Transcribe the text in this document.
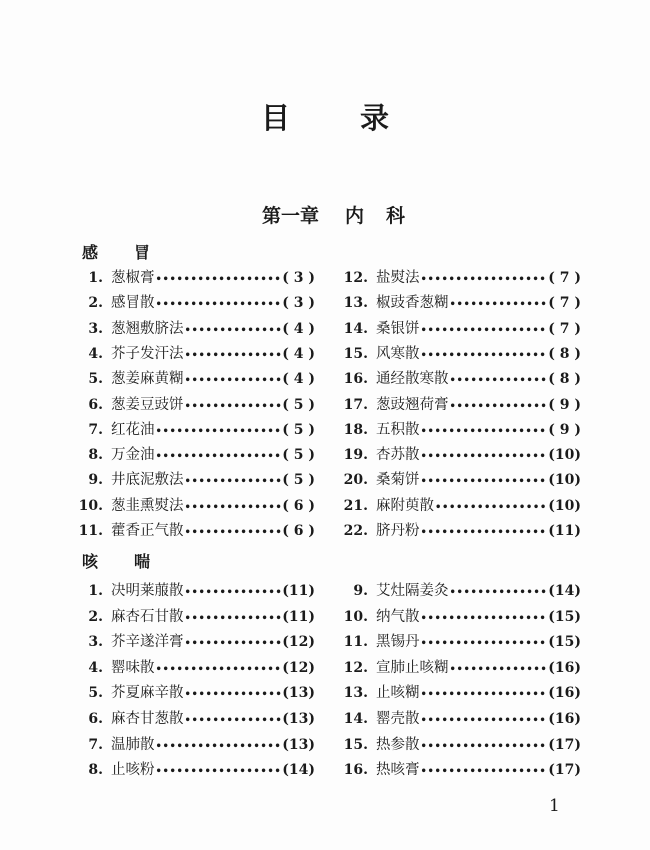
目 录
第一章 内 科
感 冒
咳 喘
1. 葱椒膏 •••••	( 3 )
2. 感冒散 •••••	( 3 )
3. 葱翘敷脐法 •••••	( 4 )
4. 芥子发汗法 •••••	( 4 )
5. 葱姜麻黄糊 •••••	( 4 )
6. 葱姜豆豉饼 •••••	( 5 )
7. 红花油 •••••	( 5 )
8. 万金油 •••••	( 5 )
9. 井底泥敷法 •••••	( 5 )
10. 葱韭熏熨法 •••••	( 6 )
11. 藿香正气散 •••••	( 6 )
12. 盐熨法 •••••	( 7 )
13. 椒豉香葱糊 •••••	( 7 )
14. 桑银饼 •••••	( 7 )
15. 风寒散 •••••	( 8 )
16. 通经散寒散 •••••	( 8 )
17. 葱豉翘荷膏 •••••	( 9 )
18. 五积散 •••••	( 9 )
19. 杏苏散 •••••	(10)
20. 桑菊饼 •••••	(10)
21. 麻附萸散 •••••	(10)
22. 脐丹粉 •••••	(11)
1. 决明莱菔散 •••••	(11)
2. 麻杏石甘散 •••••	(11)
3. 芥辛遂洋膏 •••••	(12)
4. 罂味散 •••••	(12)
5. 芥夏麻辛散 •••••	(13)
6. 麻杏甘葱散 •••••	(13)
7. 温肺散 •••••	(13)
8. 止咳粉 •••••	(14)
9. 艾灶隔姜灸 •••••	(14)
10. 纳气散 •••••	(15)
11. 黑锡丹 •••••	(15)
12. 宣肺止咳糊 •••••	(16)
13. 止咳糊 •••••	(16)
14. 罂壳散 •••••	(16)
15. 热参散 •••••	(17)
16. 热咳膏 •••••	(17)
1
